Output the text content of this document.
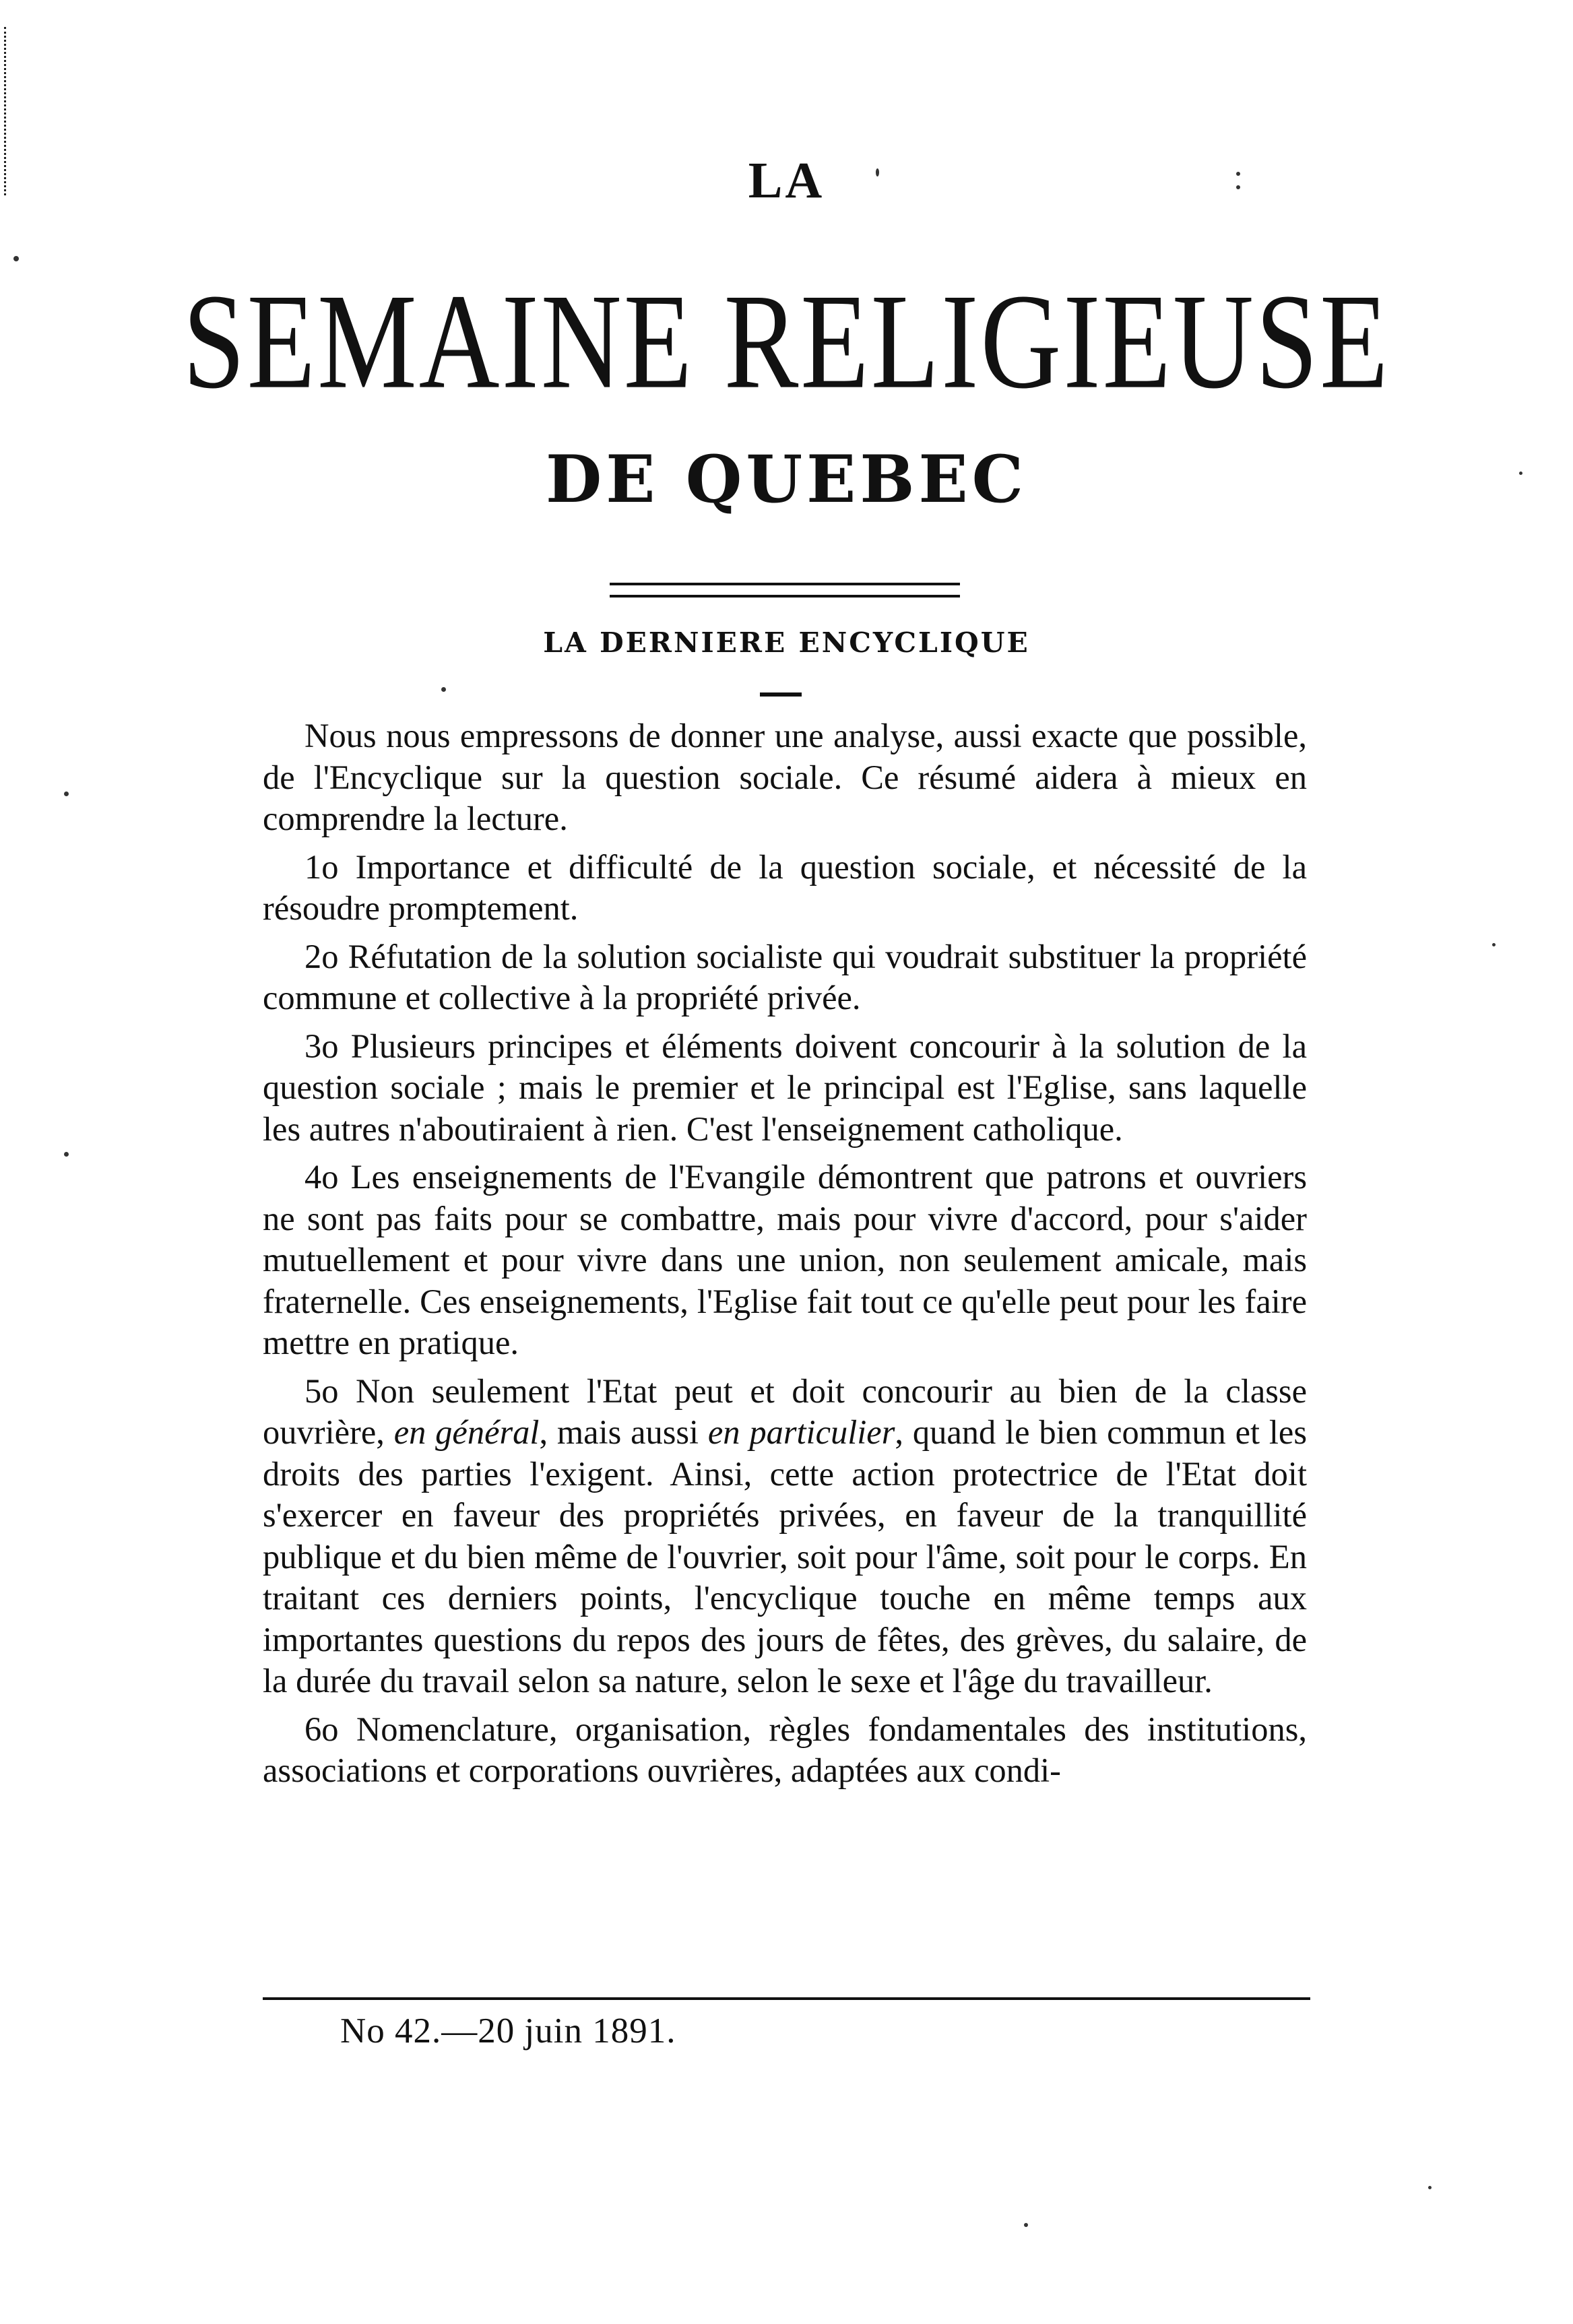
LA
SEMAINE RELIGIEUSE
DE QUEBEC
LA DERNIERE ENCYCLIQUE

Nous nous empressons de donner une analyse, aussi exacte que possible, de l'Encyclique sur la question sociale. Ce résumé aidera à mieux en comprendre la lecture.

1o Importance et difficulté de la question sociale, et nécessité de la résoudre promptement.

2o Réfutation de la solution socialiste qui voudrait substituer la propriété commune et collective à la propriété privée.

3o Plusieurs principes et éléments doivent concourir à la solution de la question sociale ; mais le premier et le principal est l'Eglise, sans laquelle les autres n'aboutiraient à rien. C'est l'enseignement catholique.

4o Les enseignements de l'Evangile démontrent que patrons et ouvriers ne sont pas faits pour se combattre, mais pour vivre d'accord, pour s'aider mutuellement et pour vivre dans une union, non seulement amicale, mais fraternelle. Ces enseignements, l'Eglise fait tout ce qu'elle peut pour les faire mettre en pratique.

5o Non seulement l'Etat peut et doit concourir au bien de la classe ouvrière, en général, mais aussi en particulier, quand le bien commun et les droits des parties l'exigent. Ainsi, cette action protectrice de l'Etat doit s'exercer en faveur des propriétés privées, en faveur de la tranquillité publique et du bien même de l'ouvrier, soit pour l'âme, soit pour le corps. En traitant ces derniers points, l'encyclique touche en même temps aux importantes questions du repos des jours de fêtes, des grèves, du salaire, de la durée du travail selon sa nature, selon le sexe et l'âge du travailleur.

6o Nomenclature, organisation, règles fondamentales des institutions, associations et corporations ouvrières, adaptées aux condi-

No 42.—20 juin 1891.
